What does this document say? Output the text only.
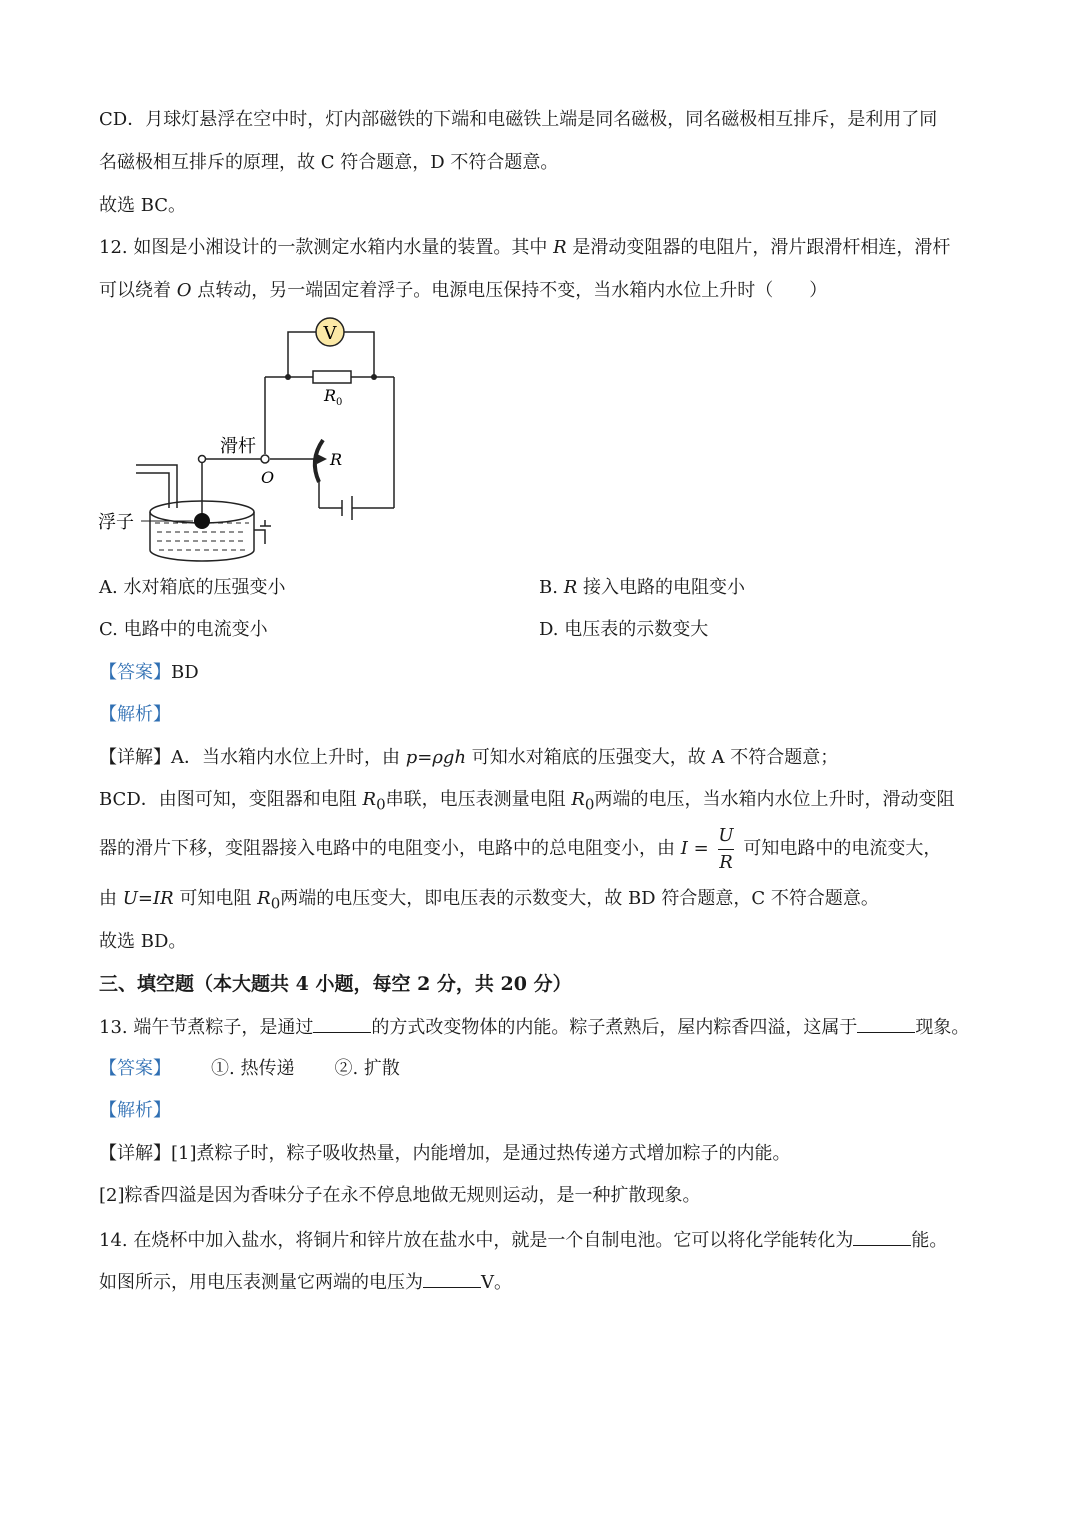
CD．月球灯悬浮在空中时，灯内部磁铁的下端和电磁铁上端是同名磁极，同名磁极相互排斥，是利用了同
名磁极相互排斥的原理，故 C 符合题意，D 不符合题意。
故选 BC。
12. 如图是小湘设计的一款测定水箱内水量的装置。其中 R 是滑动变阻器的电阻片，滑片跟滑杆相连，滑杆
可以绕着 O 点转动，另一端固定着浮子。电源电压保持不变，当水箱内水位上升时（　　）
V
R 0
滑杆
R
O
浮子
A. 水对箱底的压强变小	B. R 接入电路的电阻变小
C. 电路中的电流变小	D. 电压表的示数变大
【答案】BD
【解析】
【详解】A．当水箱内水位上升时，由 p=ρgh 可知水对箱底的压强变大，故 A 不符合题意；
BCD．由图可知，变阻器和电阻 $R_0$串联，电压表测量电阻 $R_0$两端的电压，当水箱内水位上升时，滑动变阻
器的滑片下移，变阻器接入电路中的电阻变小，电路中的总电阻变小，由 $I = \frac{U}{R}$ 可知电路中的电流变大，
由 U=IR 可知电阻 $R_0$两端的电压变大，即电压表的示数变大，故 BD 符合题意，C 不符合题意。
故选 BD。
三、填空题（本大题共 4 小题，每空 2 分，共 20 分）
13. 端午节煮粽子，是通过	的方式改变物体的内能。粽子煮熟后，屋内粽香四溢，这属于	现象。
【答案】 ①. 热传递 ②. 扩散
【解析】
【详解】[1]煮粽子时，粽子吸收热量，内能增加，是通过热传递方式增加粽子的内能。
[2]粽香四溢是因为香味分子在永不停息地做无规则运动，是一种扩散现象。
14. 在烧杯中加入盐水，将铜片和锌片放在盐水中，就是一个自制电池。它可以将化学能转化为	能。
如图所示，用电压表测量它两端的电压为	V。
